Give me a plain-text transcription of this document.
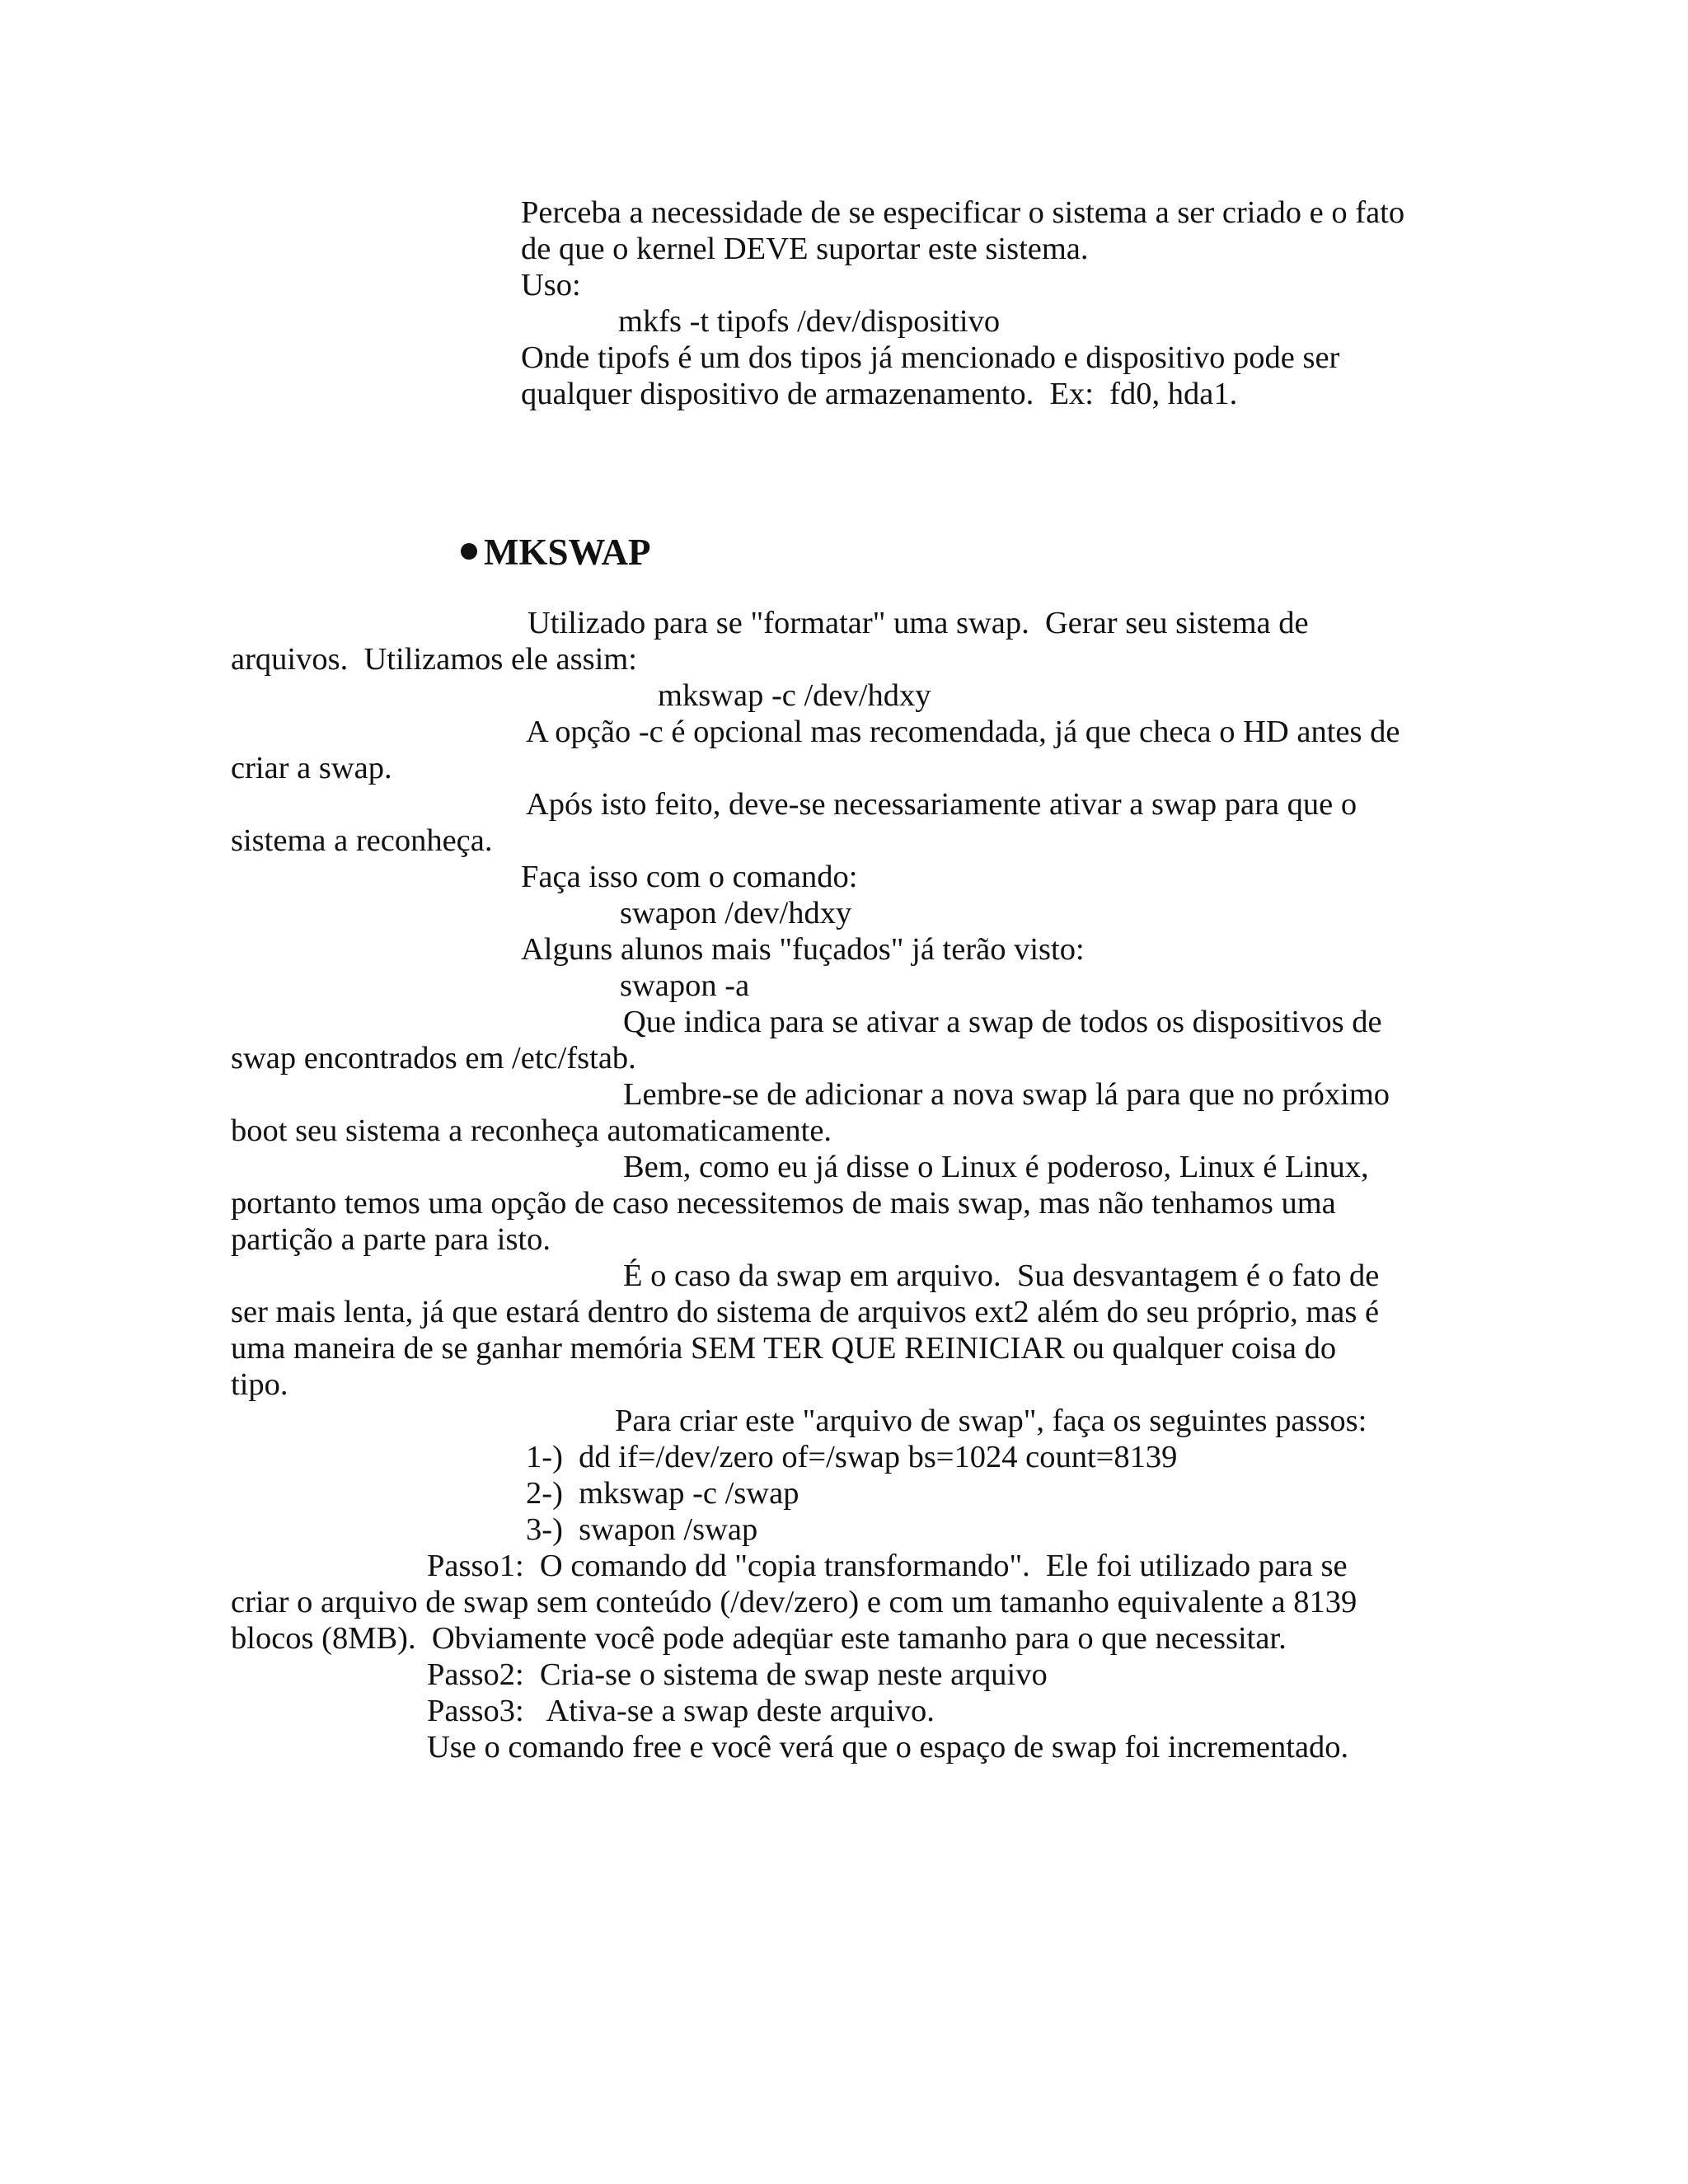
Perceba a necessidade de se especificar o sistema a ser criado e o fato
de que o kernel DEVE suportar este sistema.
Uso:
mkfs -t tipofs /dev/dispositivo
Onde tipofs é um dos tipos já mencionado e dispositivo pode ser
qualquer dispositivo de armazenamento.  Ex:  fd0, hda1.

MKSWAP

Utilizado para se "formatar" uma swap.  Gerar seu sistema de
arquivos.  Utilizamos ele assim:
mkswap -c /dev/hdxy
A opção -c é opcional mas recomendada, já que checa o HD antes de
criar a swap.
Após isto feito, deve-se necessariamente ativar a swap para que o
sistema a reconheça.
Faça isso com o comando:
swapon /dev/hdxy
Alguns alunos mais "fuçados" já terão visto:
swapon -a
Que indica para se ativar a swap de todos os dispositivos de
swap encontrados em /etc/fstab.
Lembre-se de adicionar a nova swap lá para que no próximo
boot seu sistema a reconheça automaticamente.
Bem, como eu já disse o Linux é poderoso, Linux é Linux,
portanto temos uma opção de caso necessitemos de mais swap, mas não tenhamos uma
partição a parte para isto.
É o caso da swap em arquivo.  Sua desvantagem é o fato de
ser mais lenta, já que estará dentro do sistema de arquivos ext2 além do seu próprio, mas é
uma maneira de se ganhar memória SEM TER QUE REINICIAR ou qualquer coisa do
tipo.
Para criar este "arquivo de swap", faça os seguintes passos:
1-)  dd if=/dev/zero of=/swap bs=1024 count=8139
2-)  mkswap -c /swap
3-)  swapon /swap
Passo1:  O comando dd "copia transformando".  Ele foi utilizado para se
criar o arquivo de swap sem conteúdo (/dev/zero) e com um tamanho equivalente a 8139
blocos (8MB).  Obviamente você pode adeqüar este tamanho para o que necessitar.
Passo2:  Cria-se o sistema de swap neste arquivo
Passo3:   Ativa-se a swap deste arquivo.
Use o comando free e você verá que o espaço de swap foi incrementado.
